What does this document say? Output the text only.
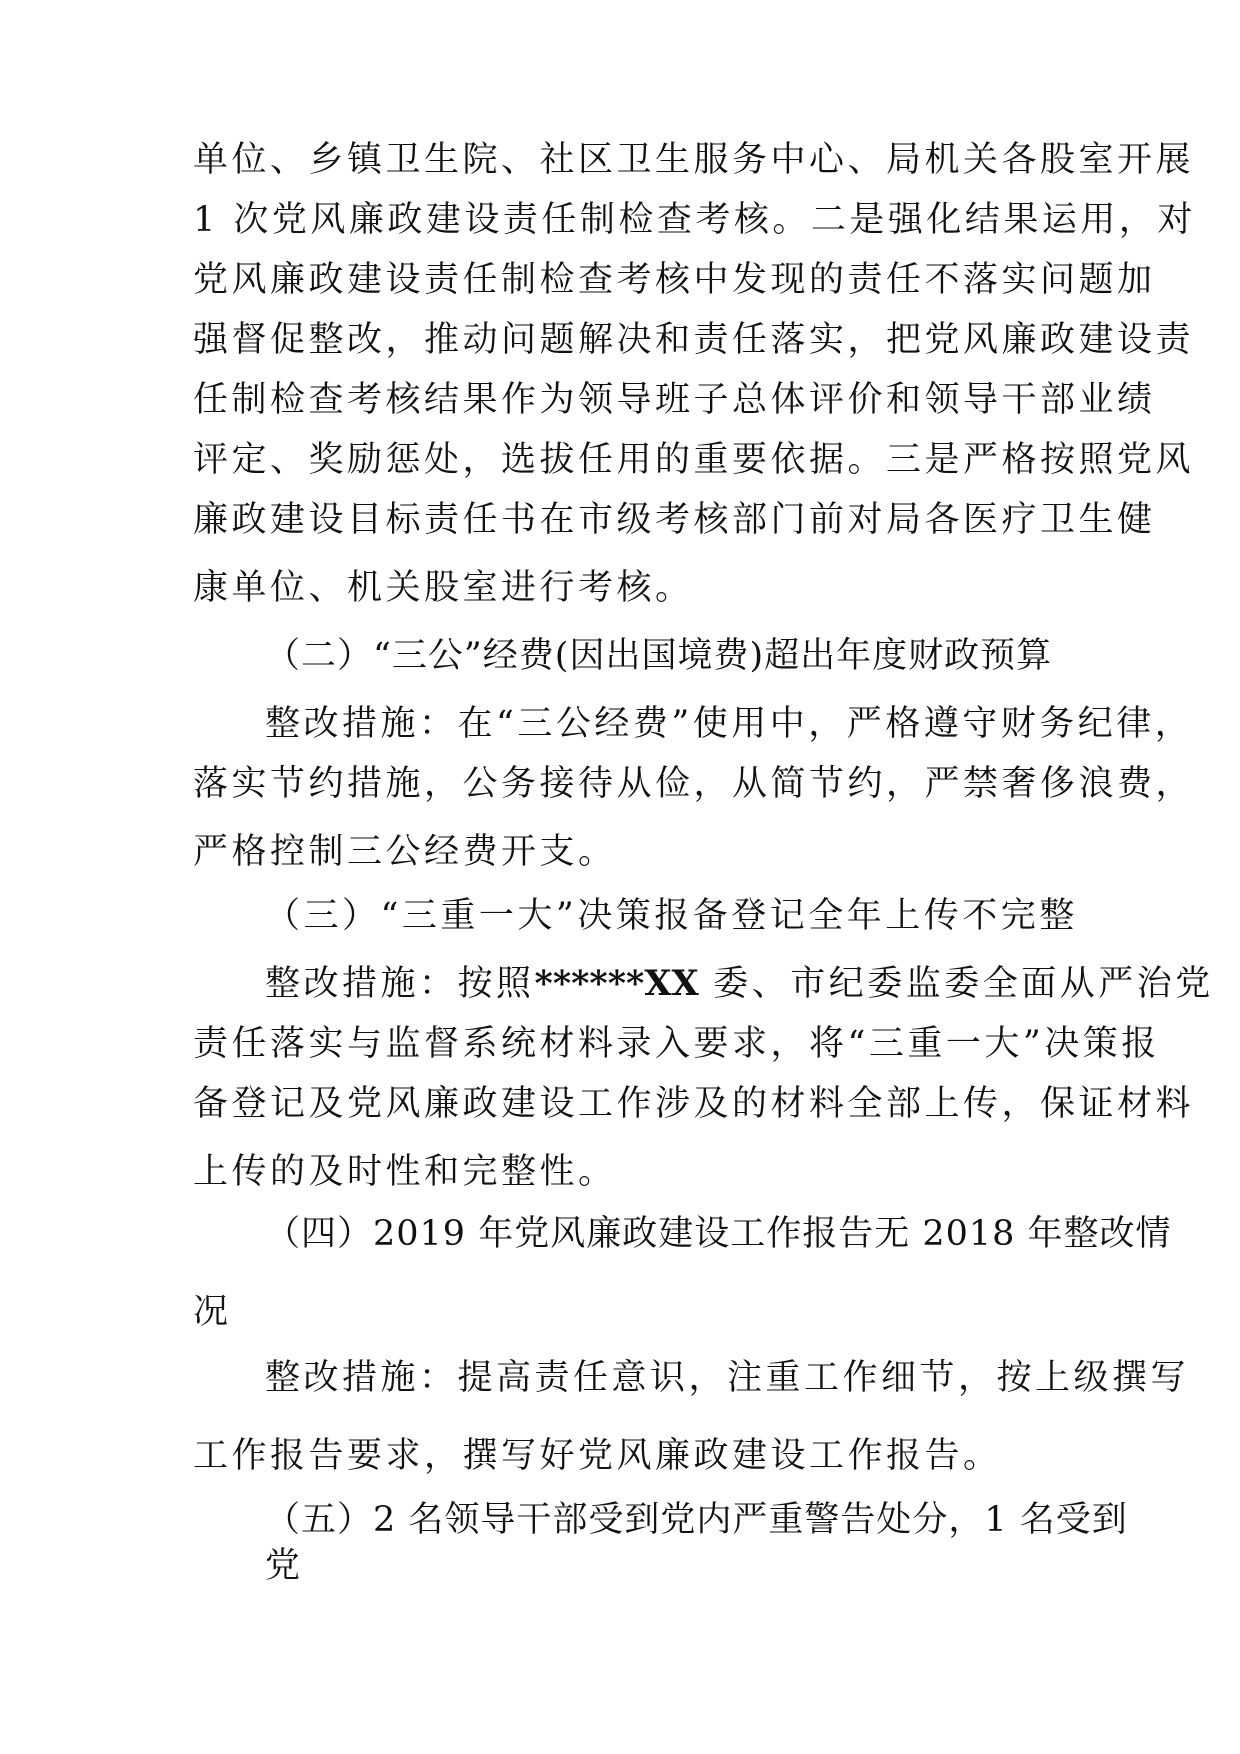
单位、乡镇卫生院、社区卫生服务中心、局机关各股室开展
1 次党风廉政建设责任制检查考核。二是强化结果运用，对
党风廉政建设责任制检查考核中发现的责任不落实问题加
强督促整改，推动问题解决和责任落实，把党风廉政建设责
任制检查考核结果作为领导班子总体评价和领导干部业绩
评定、奖励惩处，选拔任用的重要依据。三是严格按照党风
廉政建设目标责任书在市级考核部门前对局各医疗卫生健
康单位、机关股室进行考核。
（二）“三公”经费(因出国境费)超出年度财政预算
整改措施：在“三公经费”使用中，严格遵守财务纪律，
落实节约措施，公务接待从俭，从简节约，严禁奢侈浪费，
严格控制三公经费开支。
（三）“三重一大”决策报备登记全年上传不完整
整改措施：按照******XX 委、市纪委监委全面从严治党
责任落实与监督系统材料录入要求，将“三重一大”决策报
备登记及党风廉政建设工作涉及的材料全部上传，保证材料
上传的及时性和完整性。
（四）2019 年党风廉政建设工作报告无 2018 年整改情
况
整改措施：提高责任意识，注重工作细节，按上级撰写
工作报告要求，撰写好党风廉政建设工作报告。
（五）2 名领导干部受到党内严重警告处分，1 名受到
党
